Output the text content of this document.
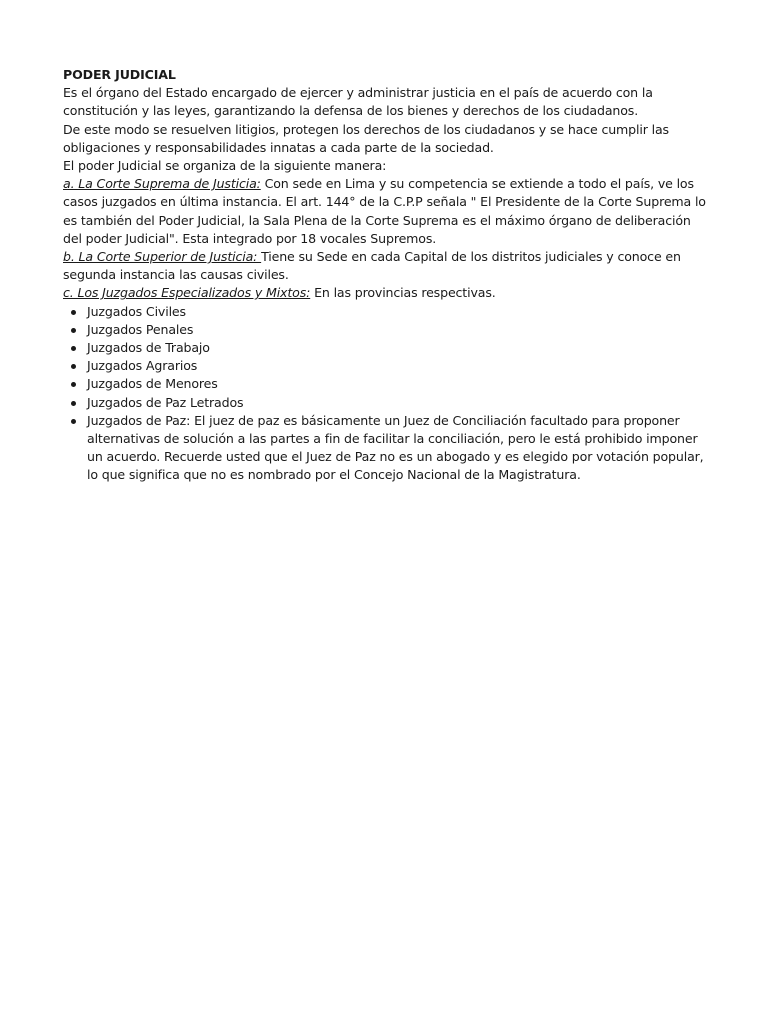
PODER JUDICIAL

Es el órgano del Estado encargado de ejercer y administrar justicia en el país de acuerdo con la constitución y las leyes, garantizando la defensa de los bienes y derechos de los ciudadanos.

De este modo se resuelven litigios, protegen los derechos de los ciudadanos y se hace cumplir las obligaciones y responsabilidades innatas a cada parte de la sociedad.

El poder Judicial se organiza de la siguiente manera:

a. La Corte Suprema de Justicia: Con sede en Lima y su competencia se extiende a todo el país, ve los casos juzgados en última instancia. El art. 144° de la C.P.P señala " El Presidente de la Corte Suprema lo es también del Poder Judicial, la Sala Plena de la Corte Suprema es el máximo órgano de deliberación del poder Judicial". Esta integrado por 18 vocales Supremos.

b. La Corte Superior de Justicia: Tiene su Sede en cada Capital de los distritos judiciales y conoce en segunda instancia las causas civiles.

c. Los Juzgados Especializados y Mixtos: En las provincias respectivas.

Juzgados Civiles
Juzgados Penales
Juzgados de Trabajo
Juzgados Agrarios
Juzgados de Menores
Juzgados de Paz Letrados
Juzgados de Paz: El juez de paz es básicamente un Juez de Conciliación facultado para proponer alternativas de solución a las partes a fin de facilitar la conciliación, pero le está prohibido imponer un acuerdo. Recuerde usted que el Juez de Paz no es un abogado y es elegido por votación popular, lo que significa que no es nombrado por el Concejo Nacional de la Magistratura.
